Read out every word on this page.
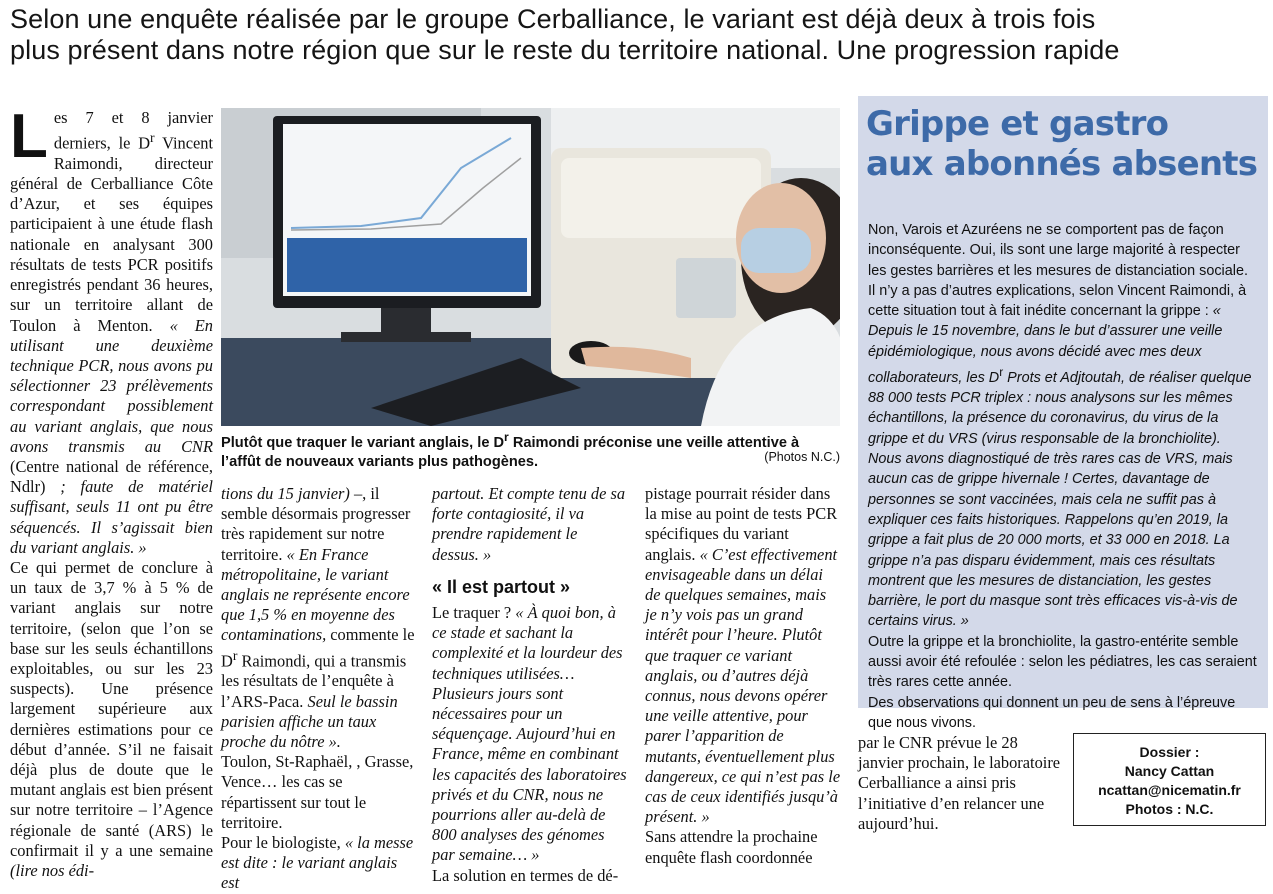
Selon une enquête réalisée par le groupe Cerballiance, le variant est déjà deux à trois fois
plus présent dans notre région que sur le reste du territoire national. Une progression rapide

Les 7 et 8 janvier derniers, le $D^r$ Vincent Raimondi, directeur général de Cerballiance Côte d’Azur, et ses équipes participaient à une étude flash nationale en analysant 300 résultats de tests PCR positifs enregistrés pendant 36 heures, sur un territoire allant de Toulon à Menton. « En utilisant une deuxième technique PCR, nous avons pu sélectionner 23 prélèvements correspondant possiblement au variant anglais, que nous avons transmis au CNR (Centre national de référence, Ndlr) ; faute de matériel suffisant, seuls 11 ont pu être séquencés. Il s’agissait bien du variant anglais. »

Ce qui permet de conclure à un taux de 3,7 % à 5 % de variant anglais sur notre territoire, (selon que l’on se base sur les seuls échantillons exploitables, ou sur les 23 suspects). Une présence largement supérieure aux dernières estimations pour ce début d’année. S’il ne faisait déjà plus de doute que le mutant anglais est bien présent sur notre territoire – l’Agence régionale de santé (ARS) le confirmait il y a une semaine (lire nos édi-

Plutôt que traquer le variant anglais, le $D^r$ Raimondi préconise une veille attentive à l’affût de nouveaux variants plus pathogènes.	(Photos N.C.)

tions du 15 janvier) –, il semble désormais progresser très rapidement sur notre territoire. « En France métropolitaine, le variant anglais ne représente encore que 1,5 % en moyenne des contaminations, commente le $D^r$ Raimondi, qui a transmis les résultats de l’enquête à l’ARS-Paca. Seul le bassin parisien affiche un taux proche du nôtre ».

Toulon, St-Raphaël, , Grasse, Vence… les cas se répartissent sur tout le territoire.

Pour le biologiste, « la messe est dite : le variant anglais est

partout. Et compte tenu de sa forte contagiosité, il va prendre rapidement le dessus. »

« Il est partout »

Le traquer ? « À quoi bon, à ce stade et sachant la complexité et la lourdeur des techniques utilisées… Plusieurs jours sont nécessaires pour un séquençage. Aujourd’hui en France, même en combinant les capacités des laboratoires privés et du CNR, nous ne pourrions aller au-delà de 800 analyses des génomes par semaine… »

La solution en termes de dé-

pistage pourrait résider dans la mise au point de tests PCR spécifiques du variant anglais. « C’est effectivement envisageable dans un délai de quelques semaines, mais je n’y vois pas un grand intérêt pour l’heure. Plutôt que traquer ce variant anglais, ou d’autres déjà connus, nous devons opérer une veille attentive, pour parer l’apparition de mutants, éventuellement plus dangereux, ce qui n’est pas le cas de ceux identifiés jusqu’à présent. »

Sans attendre la prochaine enquête flash coordonnée

par le CNR prévue le 28 janvier prochain, le laboratoire Cerballiance a ainsi pris l’initiative d’en relancer une aujourd’hui.

Grippe et gastro
aux abonnés absents

Non, Varois et Azuréens ne se comportent pas de façon inconséquente. Oui, ils sont une large majorité à respecter les gestes barrières et les mesures de distanciation sociale. Il n’y a pas d’autres explications, selon Vincent Raimondi, à cette situation tout à fait inédite concernant la grippe : « Depuis le 15 novembre, dans le but d’assurer une veille épidémiologique, nous avons décidé avec mes deux collaborateurs, les $D^r$ Prots et Adjtoutah, de réaliser quelque 88 000 tests PCR triplex : nous analysons sur les mêmes échantillons, la présence du coronavirus, du virus de la grippe et du VRS (virus responsable de la bronchiolite). Nous avons diagnostiqué de très rares cas de VRS, mais aucun cas de grippe hivernale ! Certes, davantage de personnes se sont vaccinées, mais cela ne suffit pas à expliquer ces faits historiques. Rappelons qu’en 2019, la grippe a fait plus de 20 000 morts, et 33 000 en 2018. La grippe n’a pas disparu évidemment, mais ces résultats montrent que les mesures de distanciation, les gestes barrière, le port du masque sont très efficaces vis-à-vis de certains virus. »

Outre la grippe et la bronchiolite, la gastro-entérite semble aussi avoir été refoulée : selon les pédiatres, les cas seraient très rares cette année.

Des observations qui donnent un peu de sens à l’épreuve que nous vivons.

Dossier :
Nancy Cattan
ncattan@nicematin.fr
Photos : N.C.
